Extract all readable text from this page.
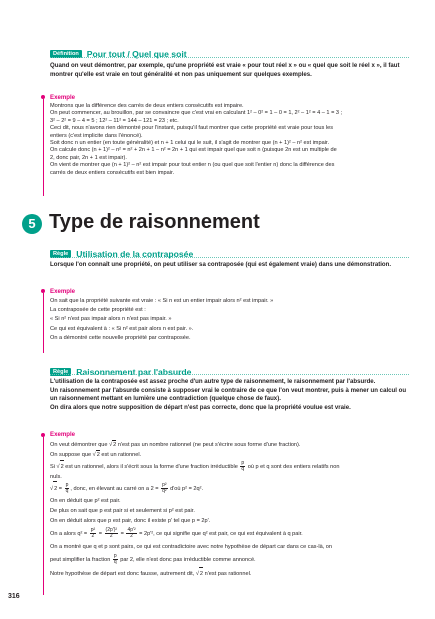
Définition Pour tout / Quel que soit
Quand on veut démontrer, par exemple, qu'une propriété est vraie « pour tout réel x » ou « quel que soit le réel x », il faut montrer qu'elle est vraie en tout généralité et non pas uniquement sur quelques exemples.
Exemple
Montrons que la différence des carrés de deux entiers consécutifs est impaire.
On peut commencer, au brouillon, par se convaincre que c'est vrai en calculant 1² – 0² = 1 – 0 = 1, 2² – 1² = 4 – 1 = 3 ;
3² – 2² = 9 – 4 = 5 ; 12² – 11² = 144 – 121 = 23 ; etc.
Ceci dit, nous n'avons rien démontré pour l'instant, puisqu'il faut montrer que cette propriété est vraie pour tous les
entiers (c'est implicite dans l'énoncé).
Soit donc n un entier (en toute généralité) et n + 1 celui qui le suit, il s'agit de montrer que (n + 1)² – n² est impair.
On calcule donc (n + 1)² – n² = n² + 2n + 1 – n² = 2n + 1 qui est impair quel que soit n (puisque 2n est un multiple de
2, donc pair, 2n + 1 est impair).
On vient de montrer que (n + 1)² – n² est impair pour tout entier n (ou quel que soit l'entier n) donc la différence des
carrés de deux entiers consécutifs est bien impair.
5 Type de raisonnement
Règle Utilisation de la contraposée
Lorsque l'on connaît une propriété, on peut utiliser sa contraposée (qui est également vraie) dans une démonstration.
Exemple
On sait que la propriété suivante est vraie : « Si n est un entier impair alors n² est impair. »
La contraposée de cette propriété est :
« Si n² n'est pas impair alors n n'est pas impair. »
Ce qui est équivalent à : « Si n² est pair alors n est pair. ».
On a démontré cette nouvelle propriété par contraposée.
Règle Raisonnement par l'absurde
L'utilisation de la contraposée est assez proche d'un autre type de raisonnement, le raisonnement par l'absurde.
Un raisonnement par l'absurde consiste à supposer vrai le contraire de ce que l'on veut montrer, puis à mener un calcul ou un raisonnement mettant en lumière une contradiction (quelque chose de faux).
On dira alors que notre supposition de départ n'est pas correcte, donc que la propriété voulue est vraie.
Exemple
On veut démontrer que √ 2 n'est pas un nombre rationnel (ne peut s'écrire sous forme d'une fraction).
On suppose que √ 2 est un rationnel.
Si √ 2 est un rationnel, alors il s'écrit sous la forme d'une fraction irréductible $\frac{p}{q}$ où p et q sont des entiers relatifs non
nuls.
√ $2 = \frac{p}{q}$ , donc, en élevant au carré on a $2 = \frac{\text{p²}}{\text{q²}}$ d'où p² = 2q².
On en déduit que p² est pair.
De plus on sait que p est pair si et seulement si p² est pair.
On en déduit alors que p est pair, donc il existe p' tel que p = 2p'.
On a alors $q^2 = \frac{\text{p²}}{2} = \frac{\text{(2p')²}}{2} = \frac{\text{4p'²}}{2} = 2p'^2$, ce qui signifie que q² est pair, ce qui est équivalent à q pair.
On a montré que q et p sont pairs, ce qui est contradictoire avec notre hypothèse de départ car dans ce cas-là, on
peut simplifier la fraction $\frac{p}{q}$ par 2, elle n'est donc pas irréductible comme annoncé.
Notre hypothèse de départ est donc fausse, autrement dit, √ 2 n'est pas rationnel.
316
